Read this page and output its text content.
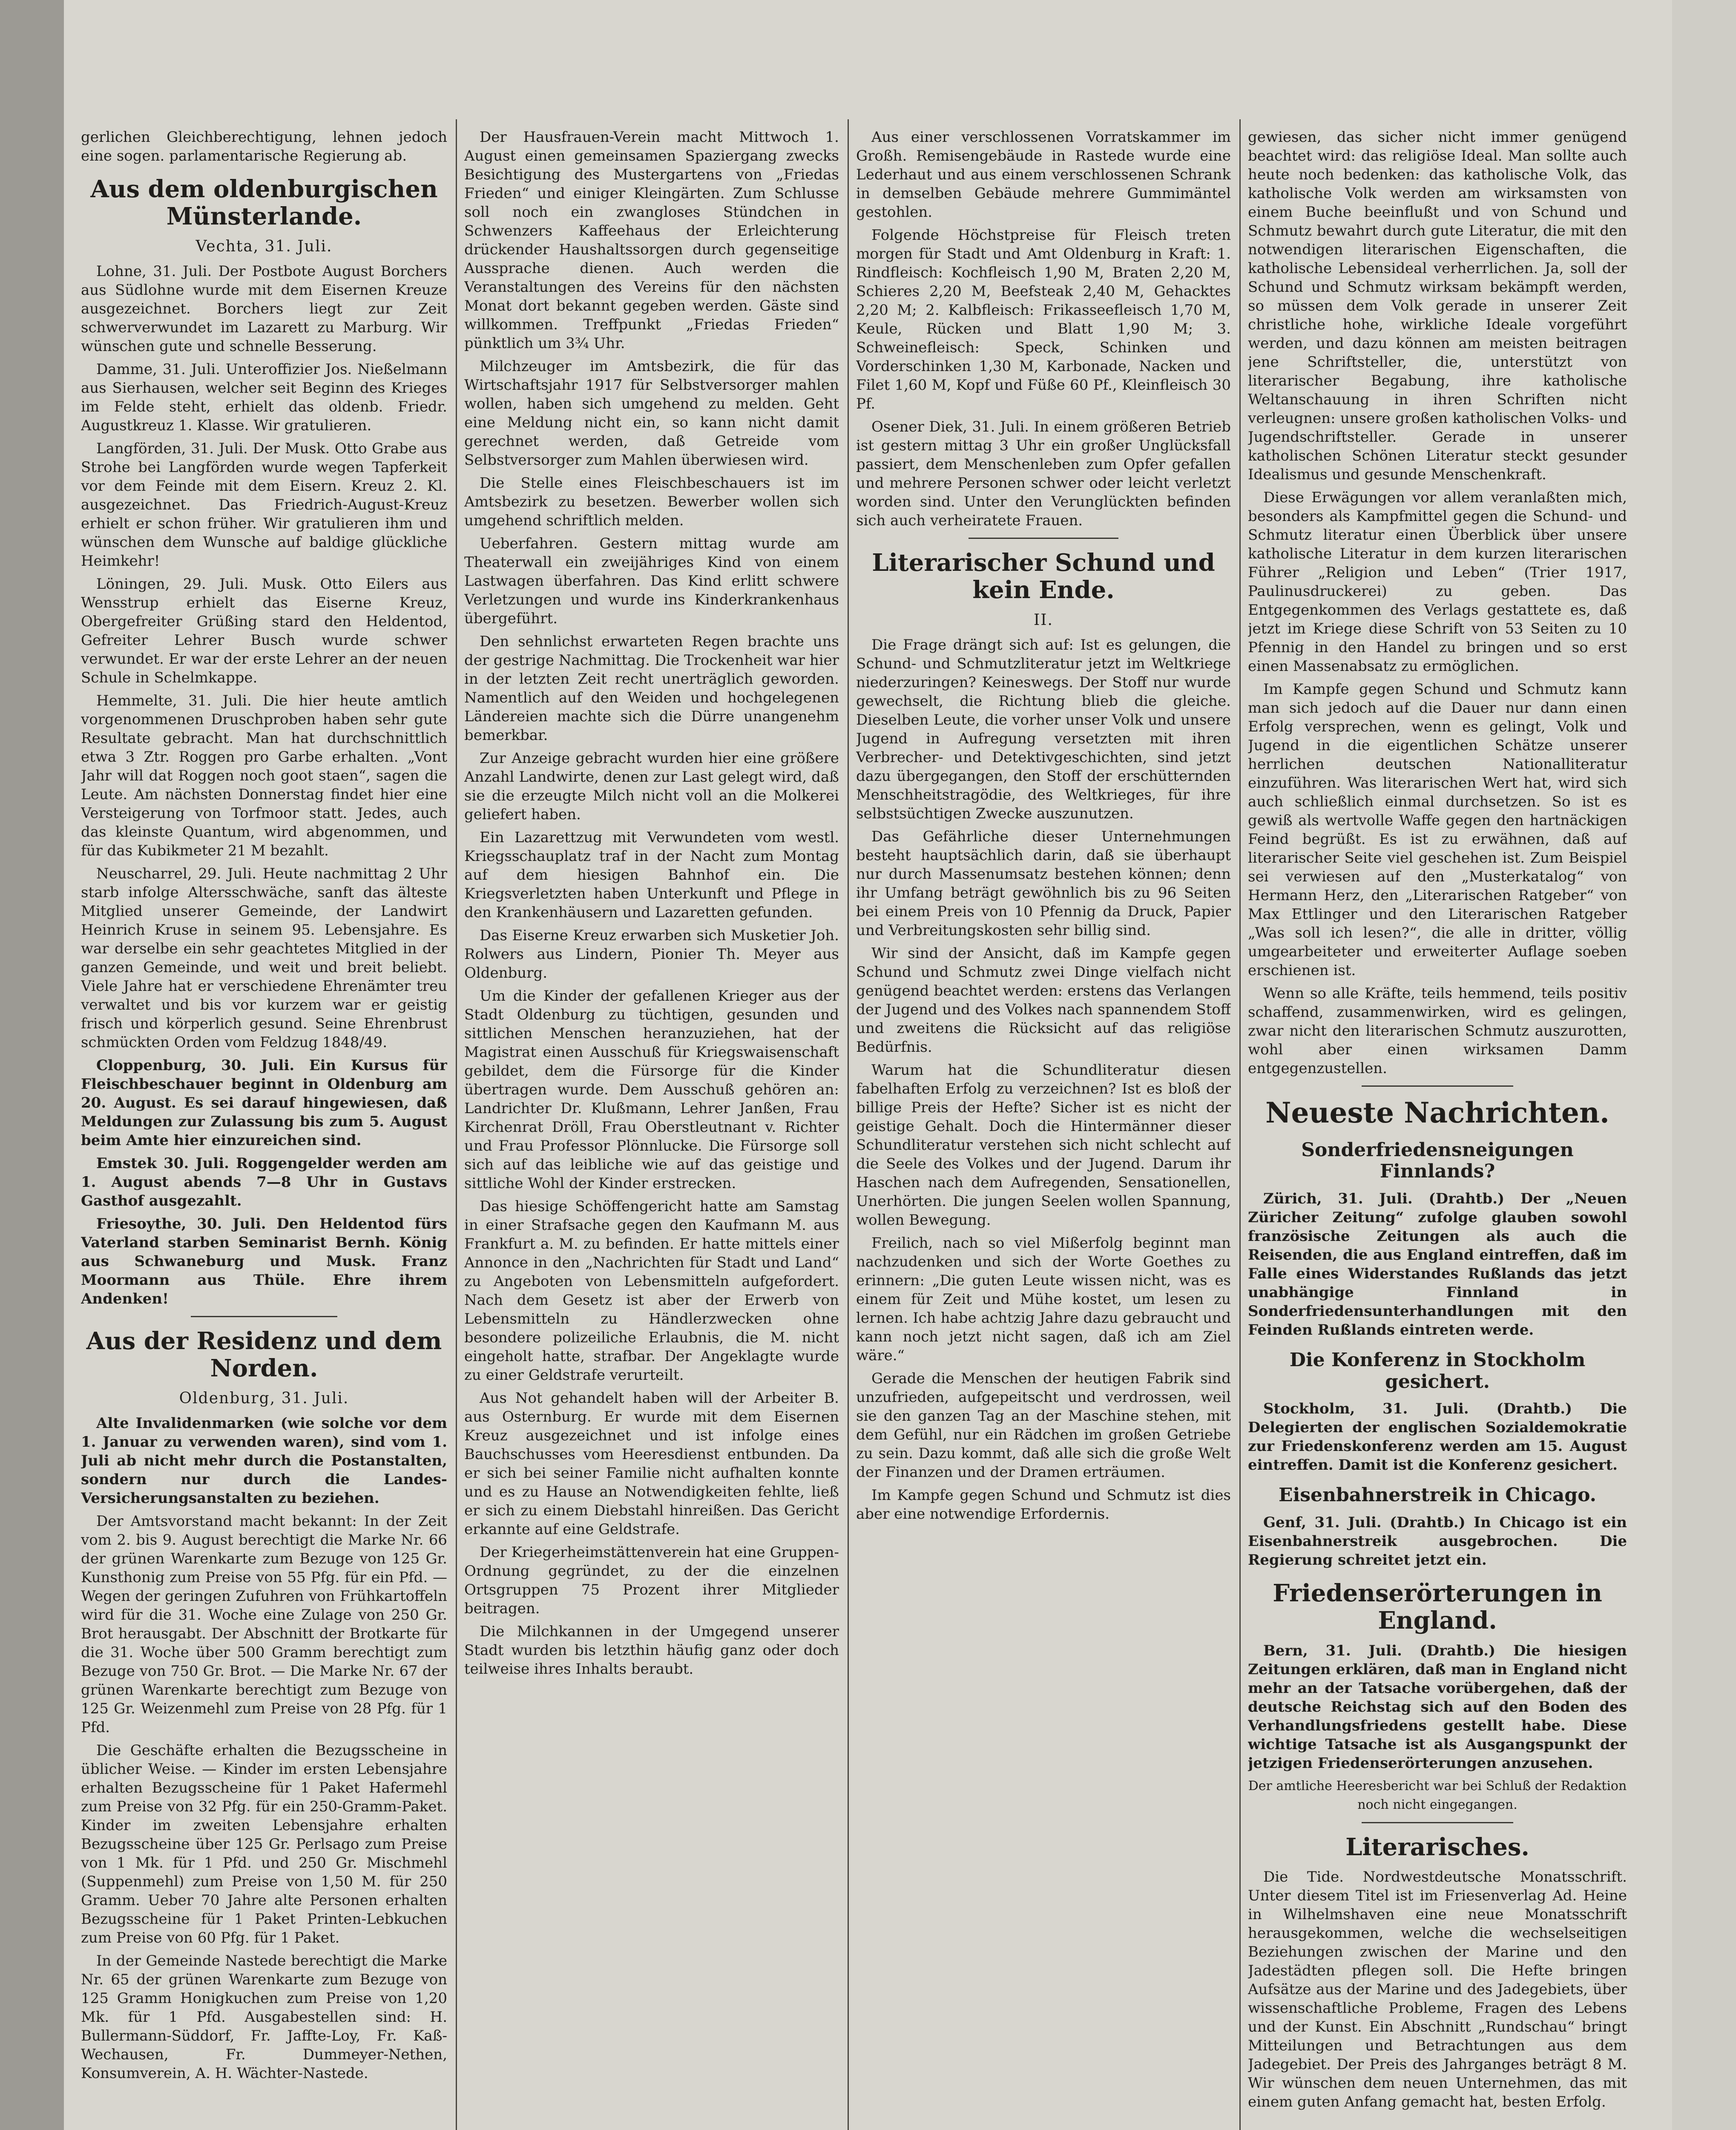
gerlichen Gleichberechtigung, lehnen jedoch eine sogen. parlamentarische Regierung ab.

Aus dem oldenburgischen Münsterlande.
Vechta, 31. Juli.

Lohne, 31. Juli. Der Postbote August Borchers aus Südlohne wurde mit dem Eisernen Kreuze ausgezeichnet. Borchers liegt zur Zeit schwerverwundet im Lazarett zu Marburg. Wir wünschen gute und schnelle Besserung.

Damme, 31. Juli. Unteroffizier Jos. Nießelmann aus Sierhausen, welcher seit Beginn des Krieges im Felde steht, erhielt das oldenb. Friedr. Augustkreuz 1. Klasse. Wir gratulieren.

Langförden, 31. Juli. Der Musk. Otto Grabe aus Strohe bei Langförden wurde wegen Tapferkeit vor dem Feinde mit dem Eisern. Kreuz 2. Kl. ausgezeichnet. Das Friedrich-August-Kreuz erhielt er schon früher. Wir gratulieren ihm und wünschen dem Wunsche auf baldige glückliche Heimkehr!

Löningen, 29. Juli. Musk. Otto Eilers aus Wensstrup erhielt das Eiserne Kreuz, Obergefreiter Grüßing stard den Heldentod, Gefreiter Lehrer Busch wurde schwer verwundet. Er war der erste Lehrer an der neuen Schule in Schelmkappe.

Hemmelte, 31. Juli. Die hier heute amtlich vorgenommenen Druschproben haben sehr gute Resultate gebracht. Man hat durchschnittlich etwa 3 Ztr. Roggen pro Garbe erhalten. „Vont Jahr will dat Roggen noch goot staen“, sagen die Leute. Am nächsten Donnerstag findet hier eine Versteigerung von Torfmoor statt. Jedes, auch das kleinste Quantum, wird abgenommen, und für das Kubikmeter 21 M bezahlt.

Neuscharrel, 29. Juli. Heute nachmittag 2 Uhr starb infolge Altersschwäche, sanft das älteste Mitglied unserer Gemeinde, der Landwirt Heinrich Kruse in seinem 95. Lebensjahre. Es war derselbe ein sehr geachtetes Mitglied in der ganzen Gemeinde, und weit und breit beliebt. Viele Jahre hat er verschiedene Ehrenämter treu verwaltet und bis vor kurzem war er geistig frisch und körperlich gesund. Seine Ehrenbrust schmückten Orden vom Feldzug 1848/49.

Cloppenburg, 30. Juli. Ein Kursus für Fleischbeschauer beginnt in Oldenburg am 20. August. Es sei darauf hingewiesen, daß Meldungen zur Zulassung bis zum 5. August beim Amte hier einzureichen sind.

Emstek 30. Juli. Roggengelder werden am 1. August abends 7—8 Uhr in Gustavs Gasthof ausgezahlt.

Friesoythe, 30. Juli. Den Heldentod fürs Vaterland starben Seminarist Bernh. König aus Schwaneburg und Musk. Franz Moormann aus Thüle. Ehre ihrem Andenken!

Aus der Residenz und dem Norden.
Oldenburg, 31. Juli.

Alte Invalidenmarken (wie solche vor dem 1. Januar zu verwenden waren), sind vom 1. Juli ab nicht mehr durch die Postanstalten, sondern nur durch die Landes-Versicherungsanstalten zu beziehen.

Der Amtsvorstand macht bekannt: In der Zeit vom 2. bis 9. August berechtigt die Marke Nr. 66 der grünen Warenkarte zum Bezuge von 125 Gr. Kunsthonig zum Preise von 55 Pfg. für ein Pfd. — Wegen der geringen Zufuhren von Frühkartoffeln wird für die 31. Woche eine Zulage von 250 Gr. Brot herausgabt. Der Abschnitt der Brotkarte für die 31. Woche über 500 Gramm berechtigt zum Bezuge von 750 Gr. Brot. — Die Marke Nr. 67 der grünen Warenkarte berechtigt zum Bezuge von 125 Gr. Weizenmehl zum Preise von 28 Pfg. für 1 Pfd.

Die Geschäfte erhalten die Bezugsscheine in üblicher Weise. — Kinder im ersten Lebensjahre erhalten Bezugsscheine für 1 Paket Hafermehl zum Preise von 32 Pfg. für ein 250-Gramm-Paket. Kinder im zweiten Lebensjahre erhalten Bezugsscheine über 125 Gr. Perlsago zum Preise von 1 Mk. für 1 Pfd. und 250 Gr. Mischmehl (Suppenmehl) zum Preise von 1,50 M. für 250 Gramm. Ueber 70 Jahre alte Personen erhalten Bezugsscheine für 1 Paket Printen-Lebkuchen zum Preise von 60 Pfg. für 1 Paket.

In der Gemeinde Nastede berechtigt die Marke Nr. 65 der grünen Warenkarte zum Bezuge von 125 Gramm Honigkuchen zum Preise von 1,20 Mk. für 1 Pfd. Ausgabestellen sind: H. Bullermann-Süddorf, Fr. Jaffte-Loy, Fr. Kaß-Wechausen, Fr. Dummeyer-Nethen, Konsumverein, A. H. Wächter-Nastede.

Der Hausfrauen-Verein macht Mittwoch 1. August einen gemeinsamen Spaziergang zwecks Besichtigung des Mustergartens von „Friedas Frieden“ und einiger Kleingärten. Zum Schlusse soll noch ein zwangloses Stündchen in Schwenzers Kaffeehaus der Erleichterung drückender Haushaltssorgen durch gegenseitige Aussprache dienen. Auch werden die Veranstaltungen des Vereins für den nächsten Monat dort bekannt gegeben werden. Gäste sind willkommen. Treffpunkt „Friedas Frieden“ pünktlich um 3¾ Uhr.

Milchzeuger im Amtsbezirk, die für das Wirtschaftsjahr 1917 für Selbstversorger mahlen wollen, haben sich umgehend zu melden. Geht eine Meldung nicht ein, so kann nicht damit gerechnet werden, daß Getreide vom Selbstversorger zum Mahlen überwiesen wird.

Die Stelle eines Fleischbeschauers ist im Amtsbezirk zu besetzen. Bewerber wollen sich umgehend schriftlich melden.

Ueberfahren. Gestern mittag wurde am Theaterwall ein zweijähriges Kind von einem Lastwagen überfahren. Das Kind erlitt schwere Verletzungen und wurde ins Kinderkrankenhaus übergeführt.

Den sehnlichst erwarteten Regen brachte uns der gestrige Nachmittag. Die Trockenheit war hier in der letzten Zeit recht unerträglich geworden. Namentlich auf den Weiden und hochgelegenen Ländereien machte sich die Dürre unangenehm bemerkbar.

Zur Anzeige gebracht wurden hier eine größere Anzahl Landwirte, denen zur Last gelegt wird, daß sie die erzeugte Milch nicht voll an die Molkerei geliefert haben.

Ein Lazarettzug mit Verwundeten vom westl. Kriegsschauplatz traf in der Nacht zum Montag auf dem hiesigen Bahnhof ein. Die Kriegsverletzten haben Unterkunft und Pflege in den Krankenhäusern und Lazaretten gefunden.

Das Eiserne Kreuz erwarben sich Musketier Joh. Rolwers aus Lindern, Pionier Th. Meyer aus Oldenburg.

Um die Kinder der gefallenen Krieger aus der Stadt Oldenburg zu tüchtigen, gesunden und sittlichen Menschen heranzuziehen, hat der Magistrat einen Ausschuß für Kriegswaisenschaft gebildet, dem die Fürsorge für die Kinder übertragen wurde. Dem Ausschuß gehören an: Landrichter Dr. Klußmann, Lehrer Janßen, Frau Kirchenrat Dröll, Frau Oberstleutnant v. Richter und Frau Professor Plönnlucke. Die Fürsorge soll sich auf das leibliche wie auf das geistige und sittliche Wohl der Kinder erstrecken.

Das hiesige Schöffengericht hatte am Samstag in einer Strafsache gegen den Kaufmann M. aus Frankfurt a. M. zu befinden. Er hatte mittels einer Annonce in den „Nachrichten für Stadt und Land“ zu Angeboten von Lebensmitteln aufgefordert. Nach dem Gesetz ist aber der Erwerb von Lebensmitteln zu Händlerzwecken ohne besondere polizeiliche Erlaubnis, die M. nicht eingeholt hatte, strafbar. Der Angeklagte wurde zu einer Geldstrafe verurteilt.

Aus Not gehandelt haben will der Arbeiter B. aus Osternburg. Er wurde mit dem Eisernen Kreuz ausgezeichnet und ist infolge eines Bauchschusses vom Heeresdienst entbunden. Da er sich bei seiner Familie nicht aufhalten konnte und es zu Hause an Notwendigkeiten fehlte, ließ er sich zu einem Diebstahl hinreißen. Das Gericht erkannte auf eine Geldstrafe.

Der Kriegerheimstättenverein hat eine Gruppen-Ordnung gegründet, zu der die einzelnen Ortsgruppen 75 Prozent ihrer Mitglieder beitragen.

Die Milchkannen in der Umgegend unserer Stadt wurden bis letzthin häufig ganz oder doch teilweise ihres Inhalts beraubt.

Aus einer verschlossenen Vorratskammer im Großh. Remisengebäude in Rastede wurde eine Lederhaut und aus einem verschlossenen Schrank in demselben Gebäude mehrere Gummimäntel gestohlen.

Folgende Höchstpreise für Fleisch treten morgen für Stadt und Amt Oldenburg in Kraft: 1. Rindfleisch: Kochfleisch 1,90 M, Braten 2,20 M, Schieres 2,20 M, Beefsteak 2,40 M, Gehacktes 2,20 M; 2. Kalbfleisch: Frikasseefleisch 1,70 M, Keule, Rücken und Blatt 1,90 M; 3. Schweinefleisch: Speck, Schinken und Vorderschinken 1,30 M, Karbonade, Nacken und Filet 1,60 M, Kopf und Füße 60 Pf., Kleinfleisch 30 Pf.

Osener Diek, 31. Juli. In einem größeren Betrieb ist gestern mittag 3 Uhr ein großer Unglücksfall passiert, dem Menschenleben zum Opfer gefallen und mehrere Personen schwer oder leicht verletzt worden sind. Unter den Verunglückten befinden sich auch verheiratete Frauen.

Literarischer Schund und kein Ende.
II.

Die Frage drängt sich auf: Ist es gelungen, die Schund- und Schmutzliteratur jetzt im Weltkriege niederzuringen? Keineswegs. Der Stoff nur wurde gewechselt, die Richtung blieb die gleiche. Dieselben Leute, die vorher unser Volk und unsere Jugend in Aufregung versetzten mit ihren Verbrecher- und Detektivgeschichten, sind jetzt dazu übergegangen, den Stoff der erschütternden Menschheitstragödie, des Weltkrieges, für ihre selbstsüchtigen Zwecke auszunutzen.

Das Gefährliche dieser Unternehmungen besteht hauptsächlich darin, daß sie überhaupt nur durch Massenumsatz bestehen können; denn ihr Umfang beträgt gewöhnlich bis zu 96 Seiten bei einem Preis von 10 Pfennig da Druck, Papier und Verbreitungskosten sehr billig sind.

Wir sind der Ansicht, daß im Kampfe gegen Schund und Schmutz zwei Dinge vielfach nicht genügend beachtet werden: erstens das Verlangen der Jugend und des Volkes nach spannendem Stoff und zweitens die Rücksicht auf das religiöse Bedürfnis.

Warum hat die Schundliteratur diesen fabelhaften Erfolg zu verzeichnen? Ist es bloß der billige Preis der Hefte? Sicher ist es nicht der geistige Gehalt. Doch die Hintermänner dieser Schundliteratur verstehen sich nicht schlecht auf die Seele des Volkes und der Jugend. Darum ihr Haschen nach dem Aufregenden, Sensationellen, Unerhörten. Die jungen Seelen wollen Spannung, wollen Bewegung.

Freilich, nach so viel Mißerfolg beginnt man nachzudenken und sich der Worte Goethes zu erinnern: „Die guten Leute wissen nicht, was es einem für Zeit und Mühe kostet, um lesen zu lernen. Ich habe achtzig Jahre dazu gebraucht und kann noch jetzt nicht sagen, daß ich am Ziel wäre.“

Gerade die Menschen der heutigen Fabrik sind unzufrieden, aufgepeitscht und verdrossen, weil sie den ganzen Tag an der Maschine stehen, mit dem Gefühl, nur ein Rädchen im großen Getriebe zu sein. Dazu kommt, daß alle sich die große Welt der Finanzen und der Dramen erträumen.

Im Kampfe gegen Schund und Schmutz ist dies aber eine notwendige Erfordernis.

gewiesen, das sicher nicht immer genügend beachtet wird: das religiöse Ideal. Man sollte auch heute noch bedenken: das katholische Volk, das katholische Volk werden am wirksamsten von einem Buche beeinflußt und von Schund und Schmutz bewahrt durch gute Literatur, die mit den notwendigen literarischen Eigenschaften, die katholische Lebensideal verherrlichen. Ja, soll der Schund und Schmutz wirksam bekämpft werden, so müssen dem Volk gerade in unserer Zeit christliche hohe, wirkliche Ideale vorgeführt werden, und dazu können am meisten beitragen jene Schriftsteller, die, unterstützt von literarischer Begabung, ihre katholische Weltanschauung in ihren Schriften nicht verleugnen: unsere großen katholischen Volks- und Jugendschriftsteller. Gerade in unserer katholischen Schönen Literatur steckt gesunder Idealismus und gesunde Menschenkraft.

Diese Erwägungen vor allem veranlaßten mich, besonders als Kampfmittel gegen die Schund- und Schmutz literatur einen Überblick über unsere katholische Literatur in dem kurzen literarischen Führer „Religion und Leben“ (Trier 1917, Paulinusdruckerei) zu geben. Das Entgegenkommen des Verlags gestattete es, daß jetzt im Kriege diese Schrift von 53 Seiten zu 10 Pfennig in den Handel zu bringen und so erst einen Massenabsatz zu ermöglichen.

Im Kampfe gegen Schund und Schmutz kann man sich jedoch auf die Dauer nur dann einen Erfolg versprechen, wenn es gelingt, Volk und Jugend in die eigentlichen Schätze unserer herrlichen deutschen Nationalliteratur einzuführen. Was literarischen Wert hat, wird sich auch schließlich einmal durchsetzen. So ist es gewiß als wertvolle Waffe gegen den hartnäckigen Feind begrüßt. Es ist zu erwähnen, daß auf literarischer Seite viel geschehen ist. Zum Beispiel sei verwiesen auf den „Musterkatalog“ von Hermann Herz, den „Literarischen Ratgeber“ von Max Ettlinger und den Literarischen Ratgeber „Was soll ich lesen?“, die alle in dritter, völlig umgearbeiteter und erweiterter Auflage soeben erschienen ist.

Wenn so alle Kräfte, teils hemmend, teils positiv schaffend, zusammenwirken, wird es gelingen, zwar nicht den literarischen Schmutz auszurotten, wohl aber einen wirksamen Damm entgegenzustellen.

Neueste Nachrichten.
Sonderfriedensneigungen Finnlands?

Zürich, 31. Juli. (Drahtb.) Der „Neuen Züricher Zeitung“ zufolge glauben sowohl französische Zeitungen als auch die Reisenden, die aus England eintreffen, daß im Falle eines Widerstandes Rußlands das jetzt unabhängige Finnland in Sonderfriedensunterhandlungen mit den Feinden Rußlands eintreten werde.

Die Konferenz in Stockholm gesichert.

Stockholm, 31. Juli. (Drahtb.) Die Delegierten der englischen Sozialdemokratie zur Friedenskonferenz werden am 15. August eintreffen. Damit ist die Konferenz gesichert.

Eisenbahnerstreik in Chicago.

Genf, 31. Juli. (Drahtb.) In Chicago ist ein Eisenbahnerstreik ausgebrochen. Die Regierung schreitet jetzt ein.

Friedenserörterungen in England.

Bern, 31. Juli. (Drahtb.) Die hiesigen Zeitungen erklären, daß man in England nicht mehr an der Tatsache vorübergehen, daß der deutsche Reichstag sich auf den Boden des Verhandlungsfriedens gestellt habe. Diese wichtige Tatsache ist als Ausgangspunkt der jetzigen Friedenserörterungen anzusehen.

Der amtliche Heeresbericht war bei Schluß der Redaktion noch nicht eingegangen.

Literarisches.

Die Tide. Nordwestdeutsche Monatsschrift. Unter diesem Titel ist im Friesenverlag Ad. Heine in Wilhelmshaven eine neue Monatsschrift herausgekommen, welche die wechselseitigen Beziehungen zwischen der Marine und den Jadestädten pflegen soll. Die Hefte bringen Aufsätze aus der Marine und des Jadegebiets, über wissenschaftliche Probleme, Fragen des Lebens und der Kunst. Ein Abschnitt „Rundschau“ bringt Mitteilungen und Betrachtungen aus dem Jadegebiet. Der Preis des Jahrganges beträgt 8 M. Wir wünschen dem neuen Unternehmen, das mit einem guten Anfang gemacht hat, besten Erfolg.
